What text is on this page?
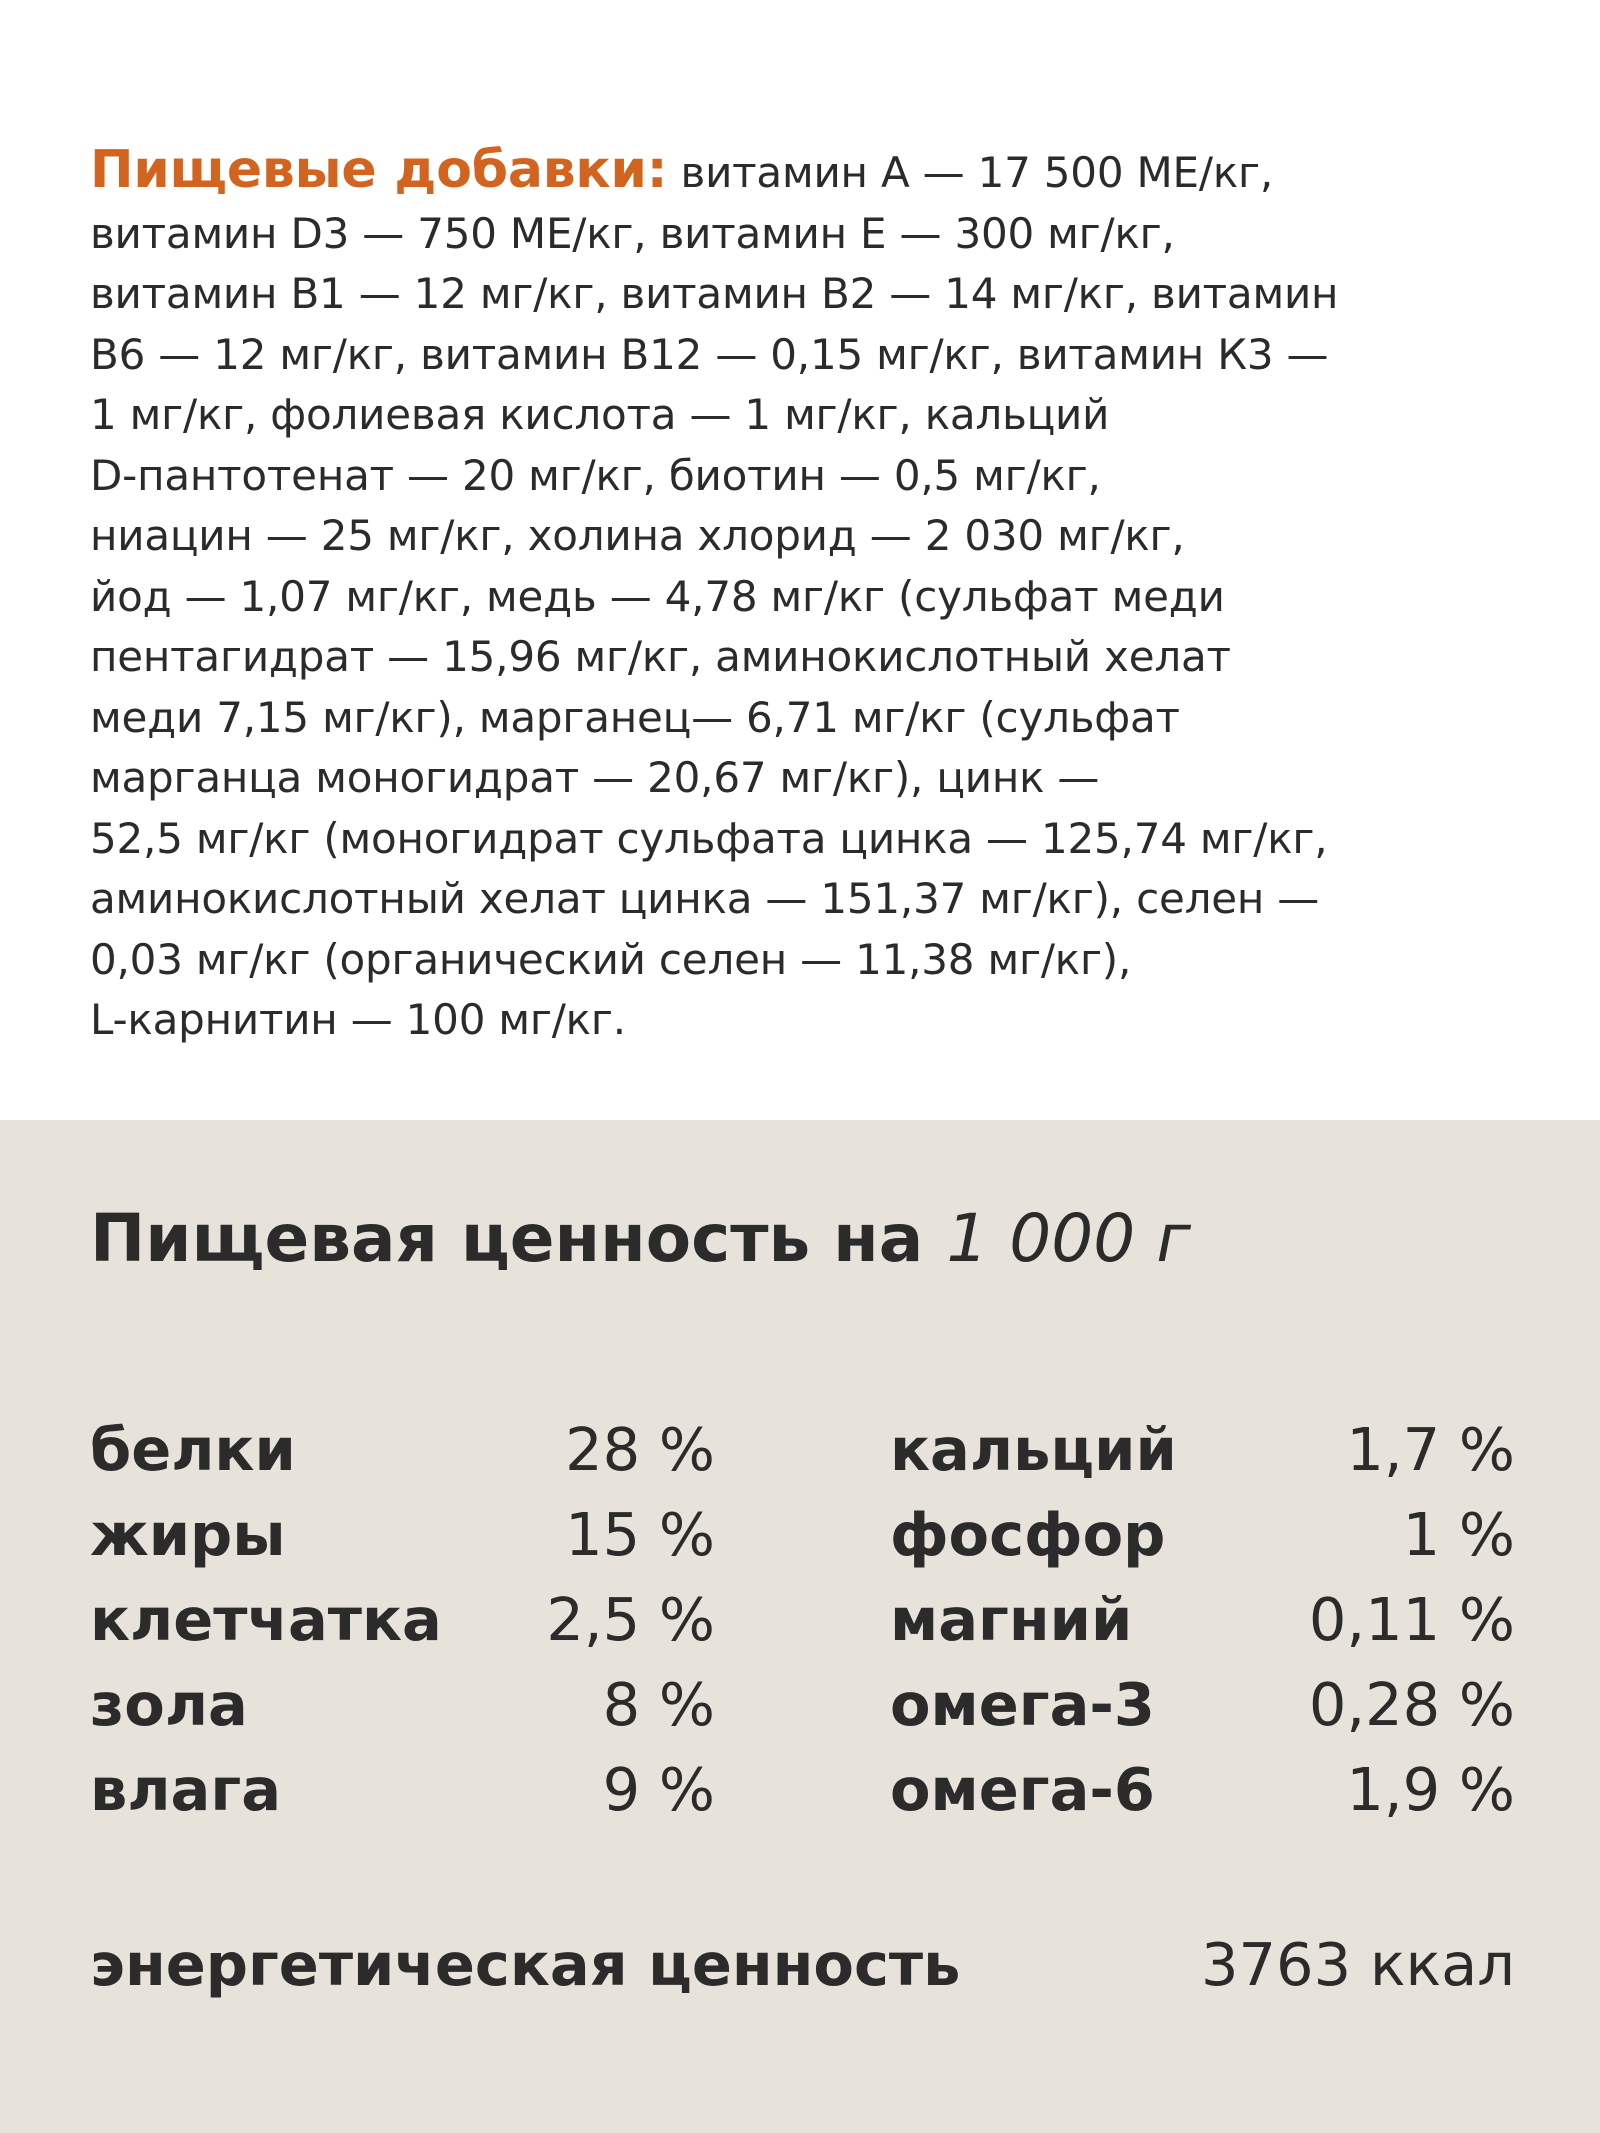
Пищевые добавки: витамин А — 17 500 МЕ/кг,
витамин D3 — 750 МЕ/кг, витамин Е — 300 мг/кг,
витамин В1 — 12 мг/кг, витамин В2 — 14 мг/кг, витамин
В6 — 12 мг/кг, витамин В12 — 0,15 мг/кг, витамин К3 —
1 мг/кг, фолиевая кислота — 1 мг/кг, кальций
D-пантотенат — 20 мг/кг, биотин — 0,5 мг/кг,
ниацин — 25 мг/кг, холина хлорид — 2 030 мг/кг,
йод — 1,07 мг/кг, медь — 4,78 мг/кг (сульфат меди
пентагидрат — 15,96 мг/кг, аминокислотный хелат
меди 7,15 мг/кг), марганец— 6,71 мг/кг (сульфат
марганца моногидрат — 20,67 мг/кг), цинк —
52,5 мг/кг (моногидрат сульфата цинка — 125,74 мг/кг,
аминокислотный хелат цинка — 151,37 мг/кг), селен —
0,03 мг/кг (органический селен — 11,38 мг/кг),
L-карнитин — 100 мг/кг.
Пищевая ценность на 1 000 г
белки	28 %
жиры	15 %
клетчатка 2,5 %
зола	8 %
влага	9 %
кальций	1,7 %
фосфор	1 %
магний	0,11 %
омега-3	0,28 %
омега-6	1,9 %
энергетическая ценность	3763 ккал
